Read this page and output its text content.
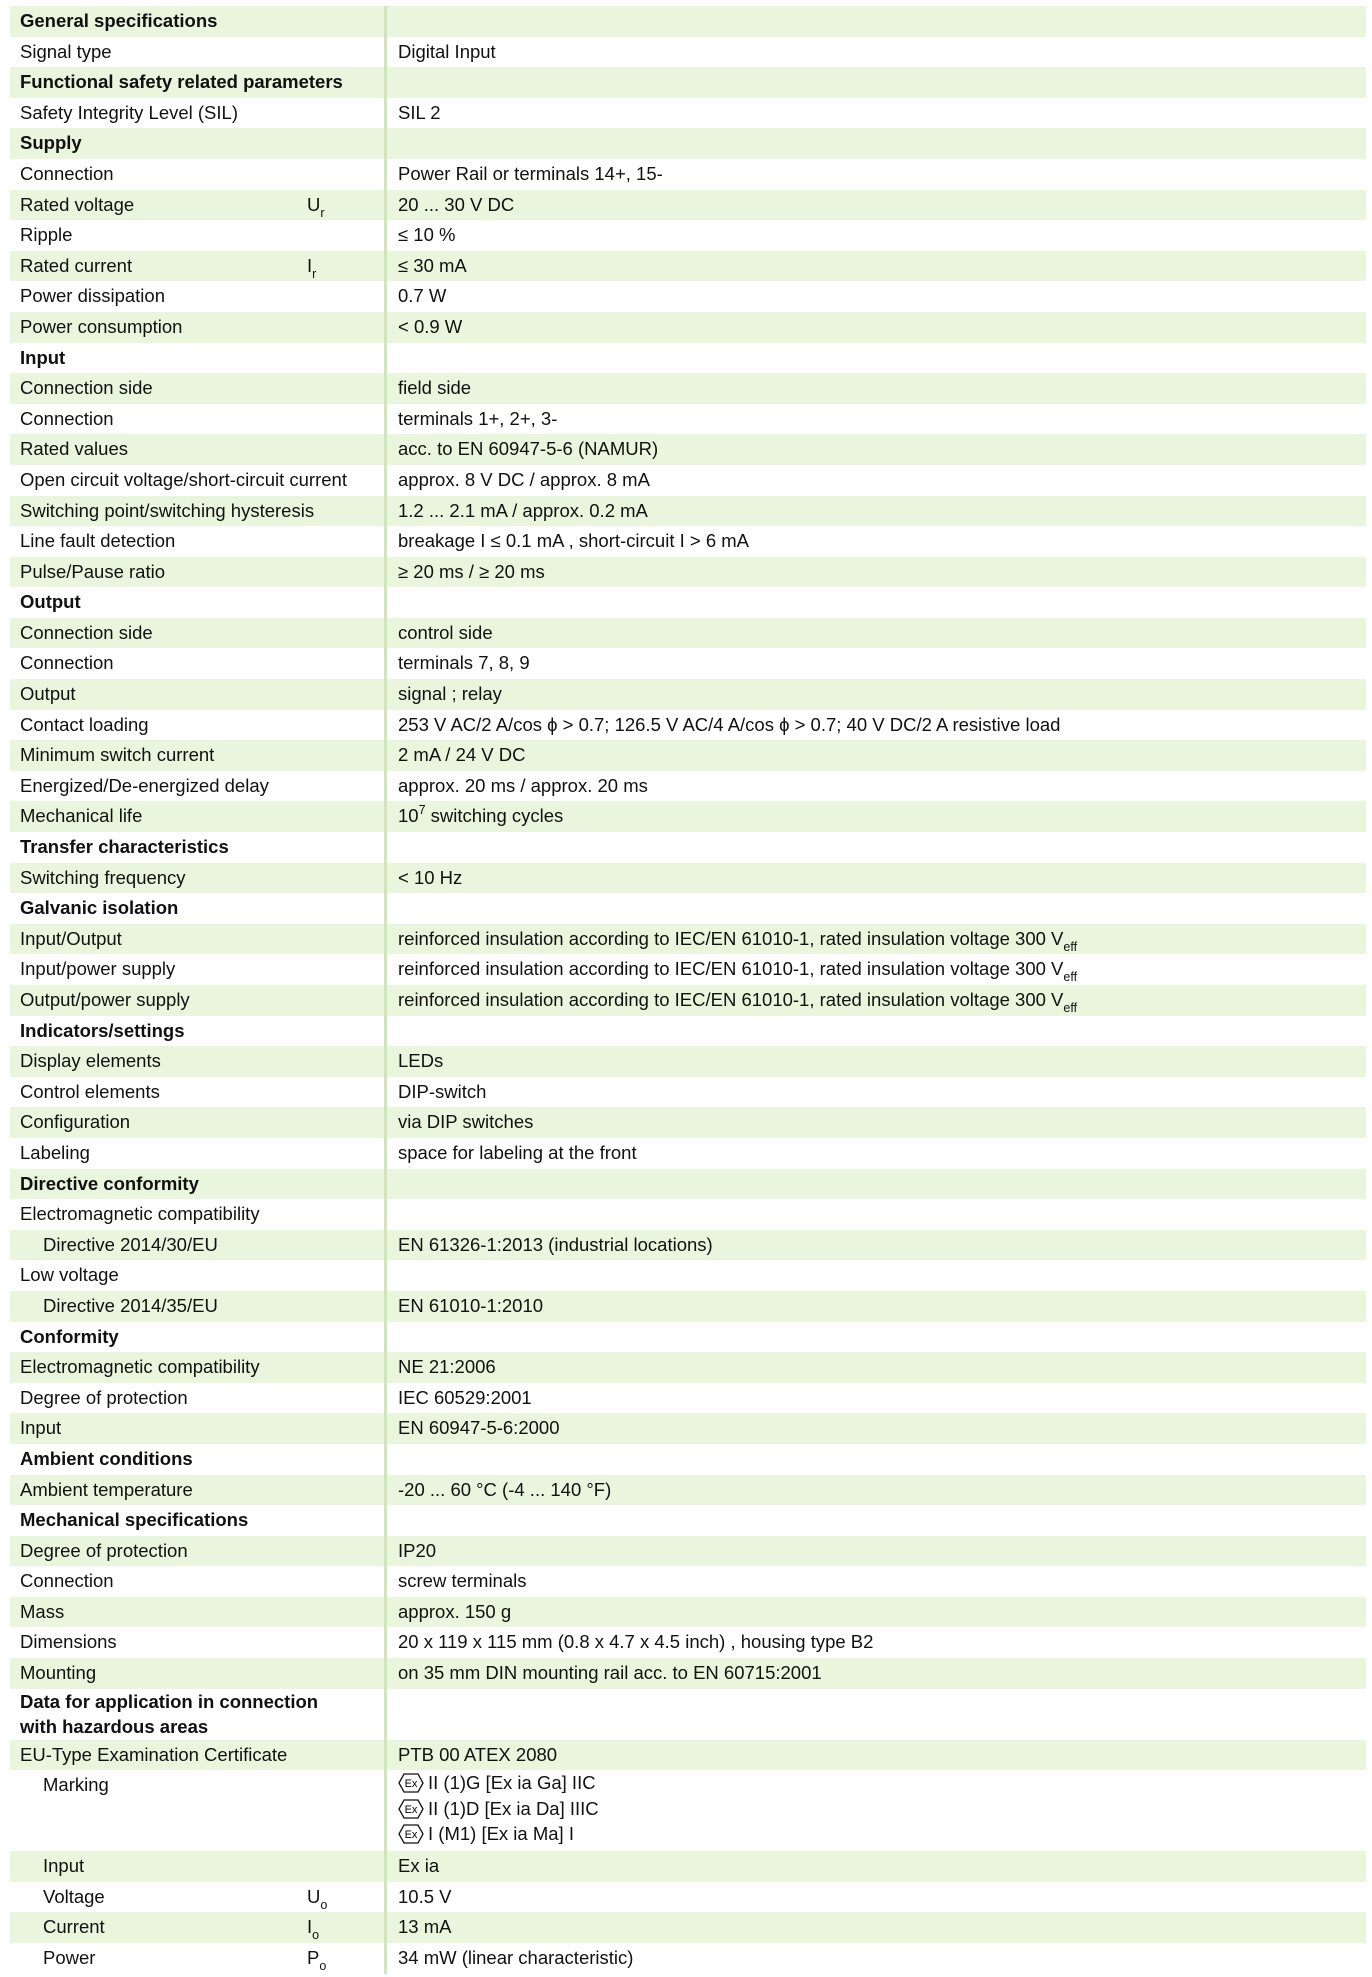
General specifications
Signal type	Digital Input
Functional safety related parameters
Safety Integrity Level (SIL)	SIL 2
Supply
Connection	Power Rail or terminals 14+, 15-
Rated voltage	$U_r$	20 ... 30 V DC
Ripple	≤ 10 %
Rated current	$I_r$	≤ 30 mA
Power dissipation	0.7 W
Power consumption	< 0.9 W
Input
Connection side	field side
Connection	terminals 1+, 2+, 3-
Rated values	acc. to EN 60947-5-6 (NAMUR)
Open circuit voltage/short-circuit current	approx. 8 V DC / approx. 8 mA
Switching point/switching hysteresis	1.2 ... 2.1 mA / approx. 0.2 mA
Line fault detection	breakage I ≤ 0.1 mA , short-circuit I > 6 mA
Pulse/Pause ratio	≥ 20 ms / ≥ 20 ms
Output
Connection side	control side
Connection	terminals 7, 8, 9
Output	signal ; relay
Contact loading	253 V AC/2 A/cos ϕ > 0.7; 126.5 V AC/4 A/cos ϕ > 0.7; 40 V DC/2 A resistive load
Minimum switch current	2 mA / 24 V DC
Energized/De-energized delay	approx. 20 ms / approx. 20 ms
Mechanical life	$10^7$ switching cycles
Transfer characteristics
Switching frequency	< 10 Hz
Galvanic isolation
Input/Output	reinforced insulation according to IEC/EN 61010-1, rated insulation voltage 300 $V_{eff}$
Input/power supply	reinforced insulation according to IEC/EN 61010-1, rated insulation voltage 300 $V_{eff}$
Output/power supply	reinforced insulation according to IEC/EN 61010-1, rated insulation voltage 300 $V_{eff}$
Indicators/settings
Display elements	LEDs
Control elements	DIP-switch
Configuration	via DIP switches
Labeling	space for labeling at the front
Directive conformity
Electromagnetic compatibility
Directive 2014/30/EU	EN 61326-1:2013 (industrial locations)
Low voltage
Directive 2014/35/EU	EN 61010-1:2010
Conformity
Electromagnetic compatibility	NE 21:2006
Degree of protection	IEC 60529:2001
Input	EN 60947-5-6:2000
Ambient conditions
Ambient temperature	-20 ... 60 °C (-4 ... 140 °F)
Mechanical specifications
Degree of protection	IP20
Connection	screw terminals
Mass	approx. 150 g
Dimensions	20 x 119 x 115 mm (0.8 x 4.7 x 4.5 inch) , housing type B2
Mounting	on 35 mm DIN mounting rail acc. to EN 60715:2001
Data for application in connection with hazardous areas
EU-Type Examination Certificate	PTB 00 ATEX 2080
Marking	Ex II (1)G [Ex ia Ga] IIC
Ex II (1)D [Ex ia Da] IIIC
Ex I (M1) [Ex ia Ma] I
Input	Ex ia
Voltage	$U_o$	10.5 V
Current	$I_o$	13 mA
Power	$P_o$	34 mW (linear characteristic)
